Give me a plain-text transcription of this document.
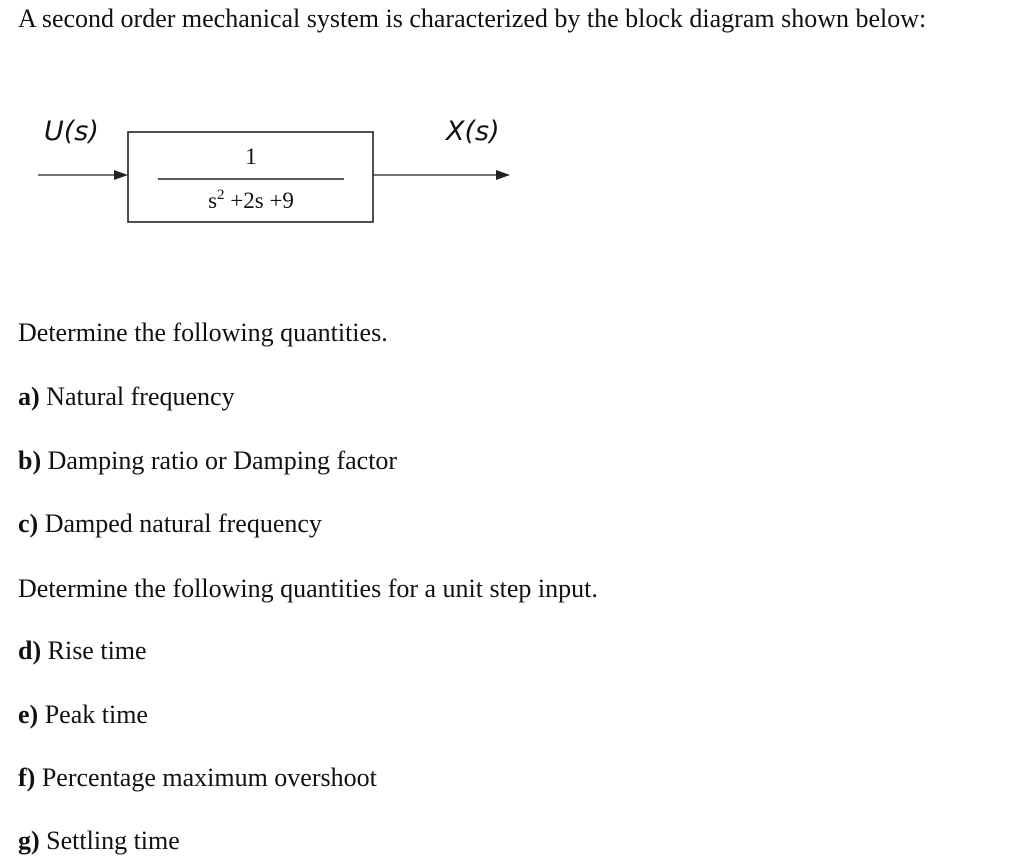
A second order mechanical system is characterized by the block diagram shown below:
U(s)	X(s)
1
$s^2 +2s +9$
Determine the following quantities.
a) Natural frequency
b) Damping ratio or Damping factor
c) Damped natural frequency
Determine the following quantities for a unit step input.
d) Rise time
e) Peak time
f) Percentage maximum overshoot
g) Settling time
